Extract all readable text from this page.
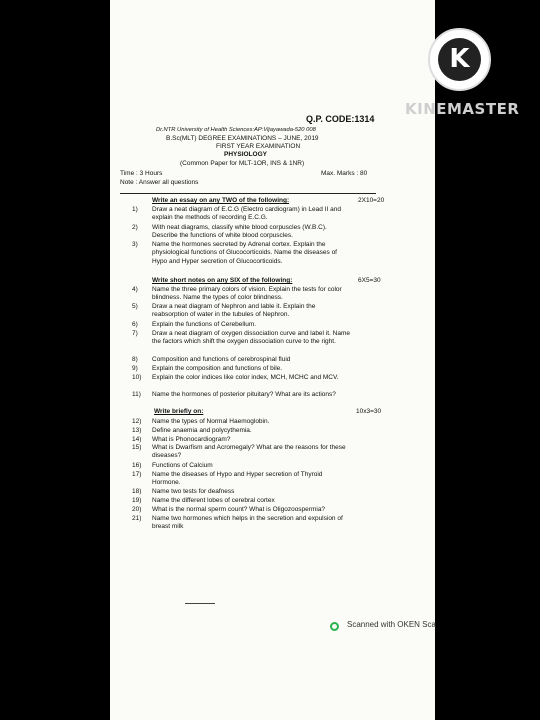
Q.P. CODE:1314
Dr.NTR University of Health Sciences:AP:Vijayawada-520 008
B.Sc(MLT) DEGREE EXAMINATIONS – JUNE, 2019
FIRST YEAR EXAMINATION
PHYSIOLOGY
(Common Paper for MLT-1OR, INS & 1NR)
Time : 3 Hours	Max. Marks : 80
Note : Answer all questions
Write an essay on any TWO of the following:	2X10=20
1) Draw a neat diagram of E.C.G (Electro cardiogram) in Lead II and explain the methods of recording E.C.G.
2) With neat diagrams, classify white blood corpuscles (W.B.C). Describe the functions of white blood corpuscles.
3) Name the hormones secreted by Adrenal cortex. Explain the physiological functions of Glucocorticoids. Name the diseases of Hypo and Hyper secretion of Glucocorticoids.
Write short notes on any SIX of the following:	6X5=30
4) Name the three primary colors of vision. Explain the tests for color blindness. Name the types of color blindness.
5) Draw a neat diagram of Nephron and lable it. Explain the reabsorption of water in the tubules of Nephron.
6) Explain the functions of Cerebellum.
7) Draw a neat diagram of oxygen dissociation curve and label it. Name the factors which shift the oxygen dissociation curve to the right.
8) Composition and functions of cerebrospinal fluid
9) Explain the composition and functions of bile.
10) Explain the color indices like color index, MCH, MCHC and MCV.
11) Name the hormones of posterior pituitary? What are its actions?
Write briefly on:	10x3=30
12) Name the types of Normal Haemoglobin.
13) Define anaemia and polycythemia.
14) What is Phonocardiogram?
15) What is Dwarfism and Acromegaly? What are the reasons for these diseases?
16) Functions of Calcium
17) Name the diseases of Hypo and Hyper secretion of Thyroid Hormone.
18) Name two tests for deafness
19) Name the different lobes of cerebral cortex
20) What is the normal sperm count? What is Oligozoospermia?
21) Name two hormones which helps in the secretion and expulsion of breast milk
K
KINEMASTER
Scanned with OKEN Sca
